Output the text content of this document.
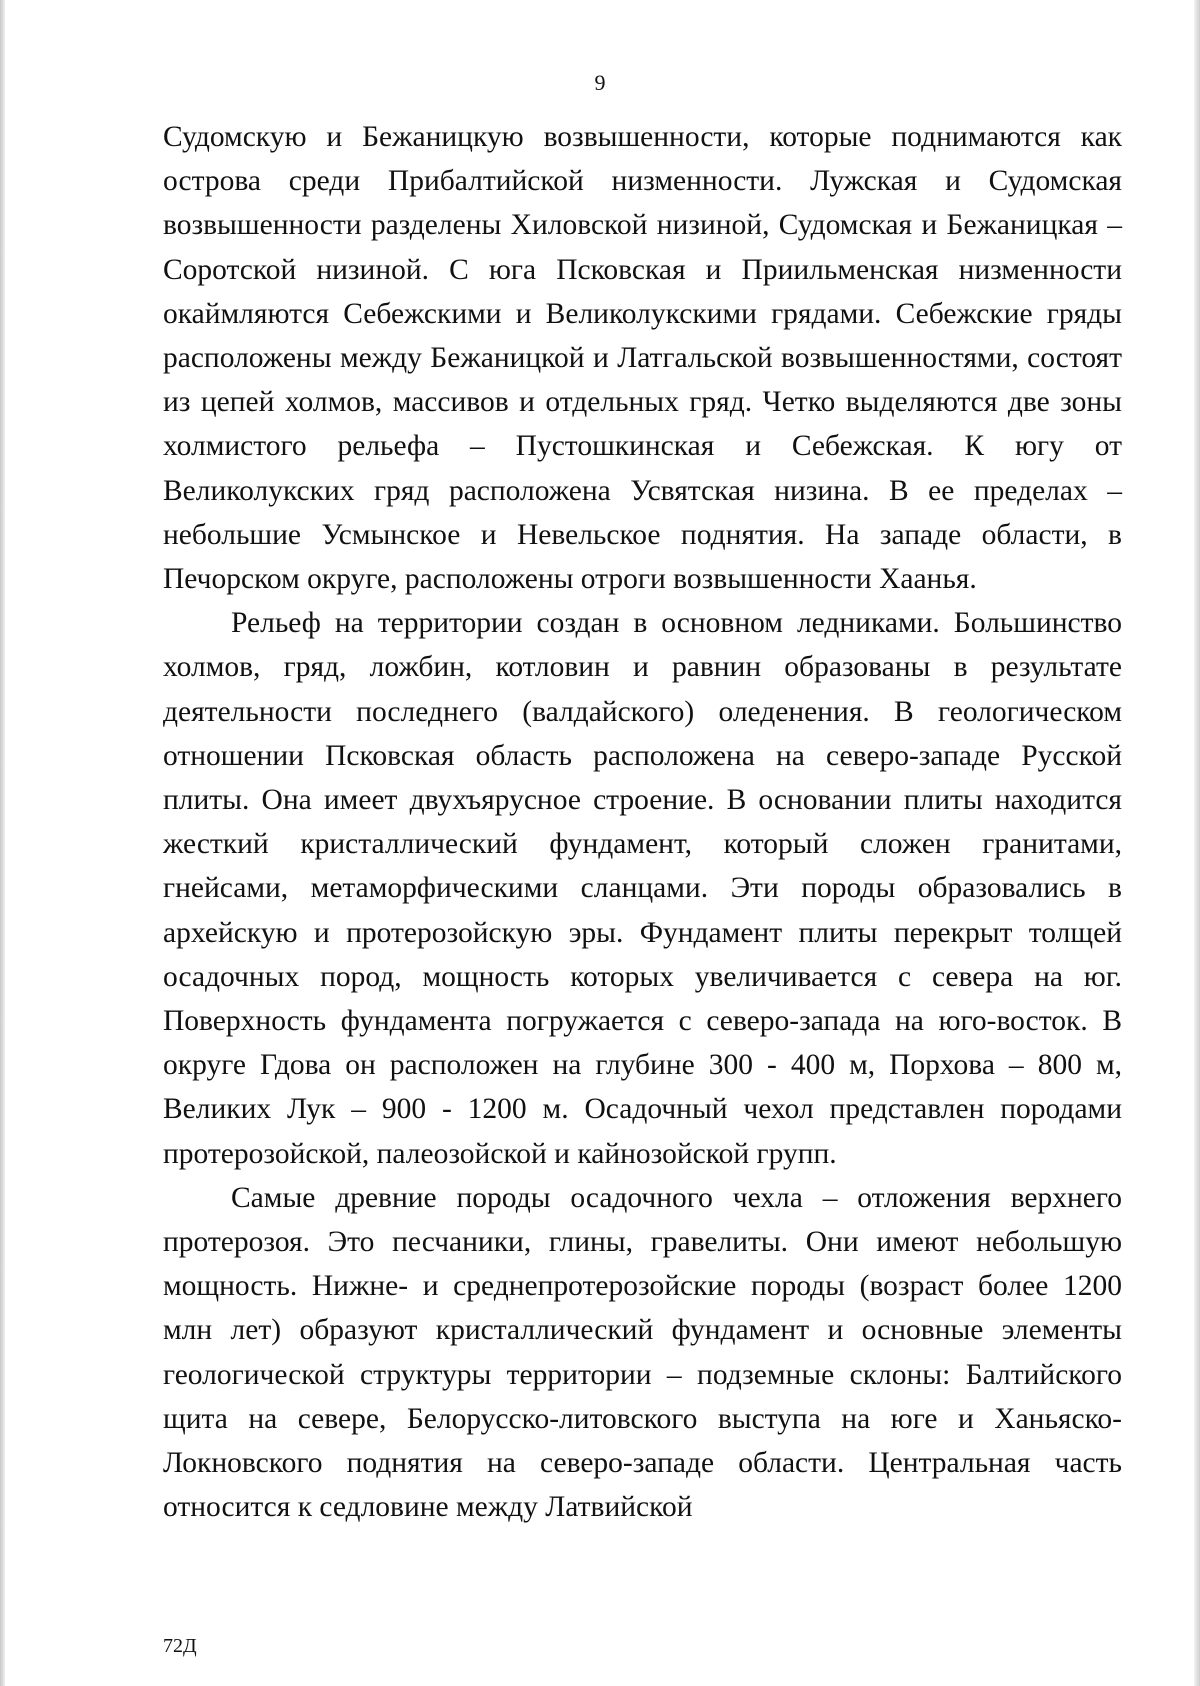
9

Судомскую и Бежаницкую возвышенности, которые поднимаются как острова среди Прибалтийской низменности. Лужская и Судомская возвышенности разделены Хиловской низиной, Судомская и Бежаницкая – Соротской низиной. С юга Псковская и Приильменская низменности окаймляются Себежскими и Великолукскими грядами. Себежские гряды расположены между Бежаницкой и Латгальской возвышенностями, состоят из цепей холмов, массивов и отдельных гряд. Четко выделяются две зоны холмистого рельефа – Пустошкинская и Себежская. К югу от Великолукских гряд расположена Усвятская низина. В ее пределах – небольшие Усмынское и Невельское поднятия. На западе области, в Печорском округе, расположены отроги возвышенности Хаанья.

Рельеф на территории создан в основном ледниками. Большинство холмов, гряд, ложбин, котловин и равнин образованы в результате деятельности последнего (валдайского) оледенения. В геологическом отношении Псковская область расположена на северо-западе Русской плиты. Она имеет двухъярусное строение. В основании плиты находится жесткий кристаллический фундамент, который сложен гранитами, гнейсами, метаморфическими сланцами. Эти породы образовались в архейскую и протерозойскую эры. Фундамент плиты перекрыт толщей осадочных пород, мощность которых увеличивается с севера на юг. Поверхность фундамента погружается с северо-запада на юго-восток. В округе Гдова он расположен на глубине 300 - 400 м, Порхова – 800 м, Великих Лук – 900 - 1200 м. Осадочный чехол представлен породами протерозойской, палеозойской и кайнозойской групп.

Самые древние породы осадочного чехла – отложения верхнего протерозоя. Это песчаники, глины, гравелиты. Они имеют небольшую мощность. Нижне- и среднепротерозойские породы (возраст более 1200 млн лет) образуют кристаллический фундамент и основные элементы геологической структуры территории – подземные склоны: Балтийского щита на севере, Белорусско-литовского выступа на юге и Ханьяско-Локновского поднятия на северо-западе области. Центральная часть относится к седловине между Латвийской

72Д
